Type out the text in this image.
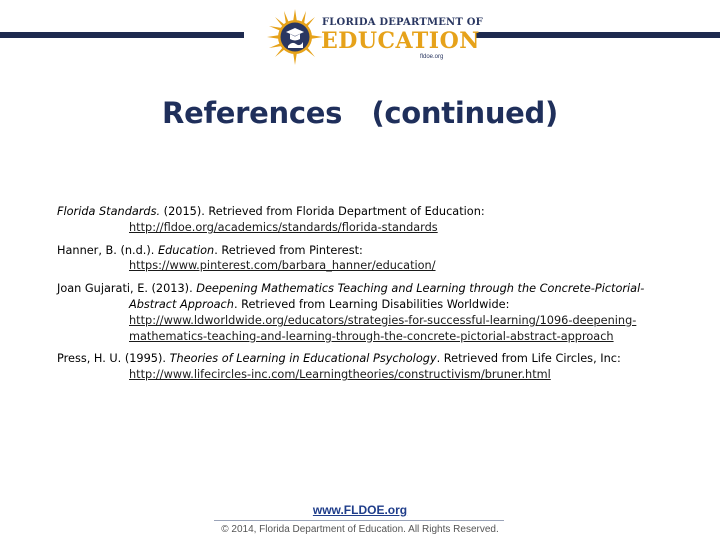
FLORIDA DEPARTMENT OF
EDUCATION
fldoe.org
References   (continued)
Florida Standards. (2015). Retrieved from Florida Department of Education:
http://fldoe.org/academics/standards/florida-standards
Hanner, B. (n.d.). Education. Retrieved from Pinterest:
https://www.pinterest.com/barbara_hanner/education/
Joan Gujarati, E. (2013). Deepening Mathematics Teaching and Learning through the Concrete-Pictorial-
Abstract Approach. Retrieved from Learning Disabilities Worldwide:
http://www.ldworldwide.org/educators/strategies-for-successful-learning/1096-deepening-
mathematics-teaching-and-learning-through-the-concrete-pictorial-abstract-approach
Press, H. U. (1995). Theories of Learning in Educational Psychology. Retrieved from Life Circles, Inc:
http://www.lifecircles-inc.com/Learningtheories/constructivism/bruner.html
www.FLDOE.org
© 2014, Florida Department of Education. All Rights Reserved.
